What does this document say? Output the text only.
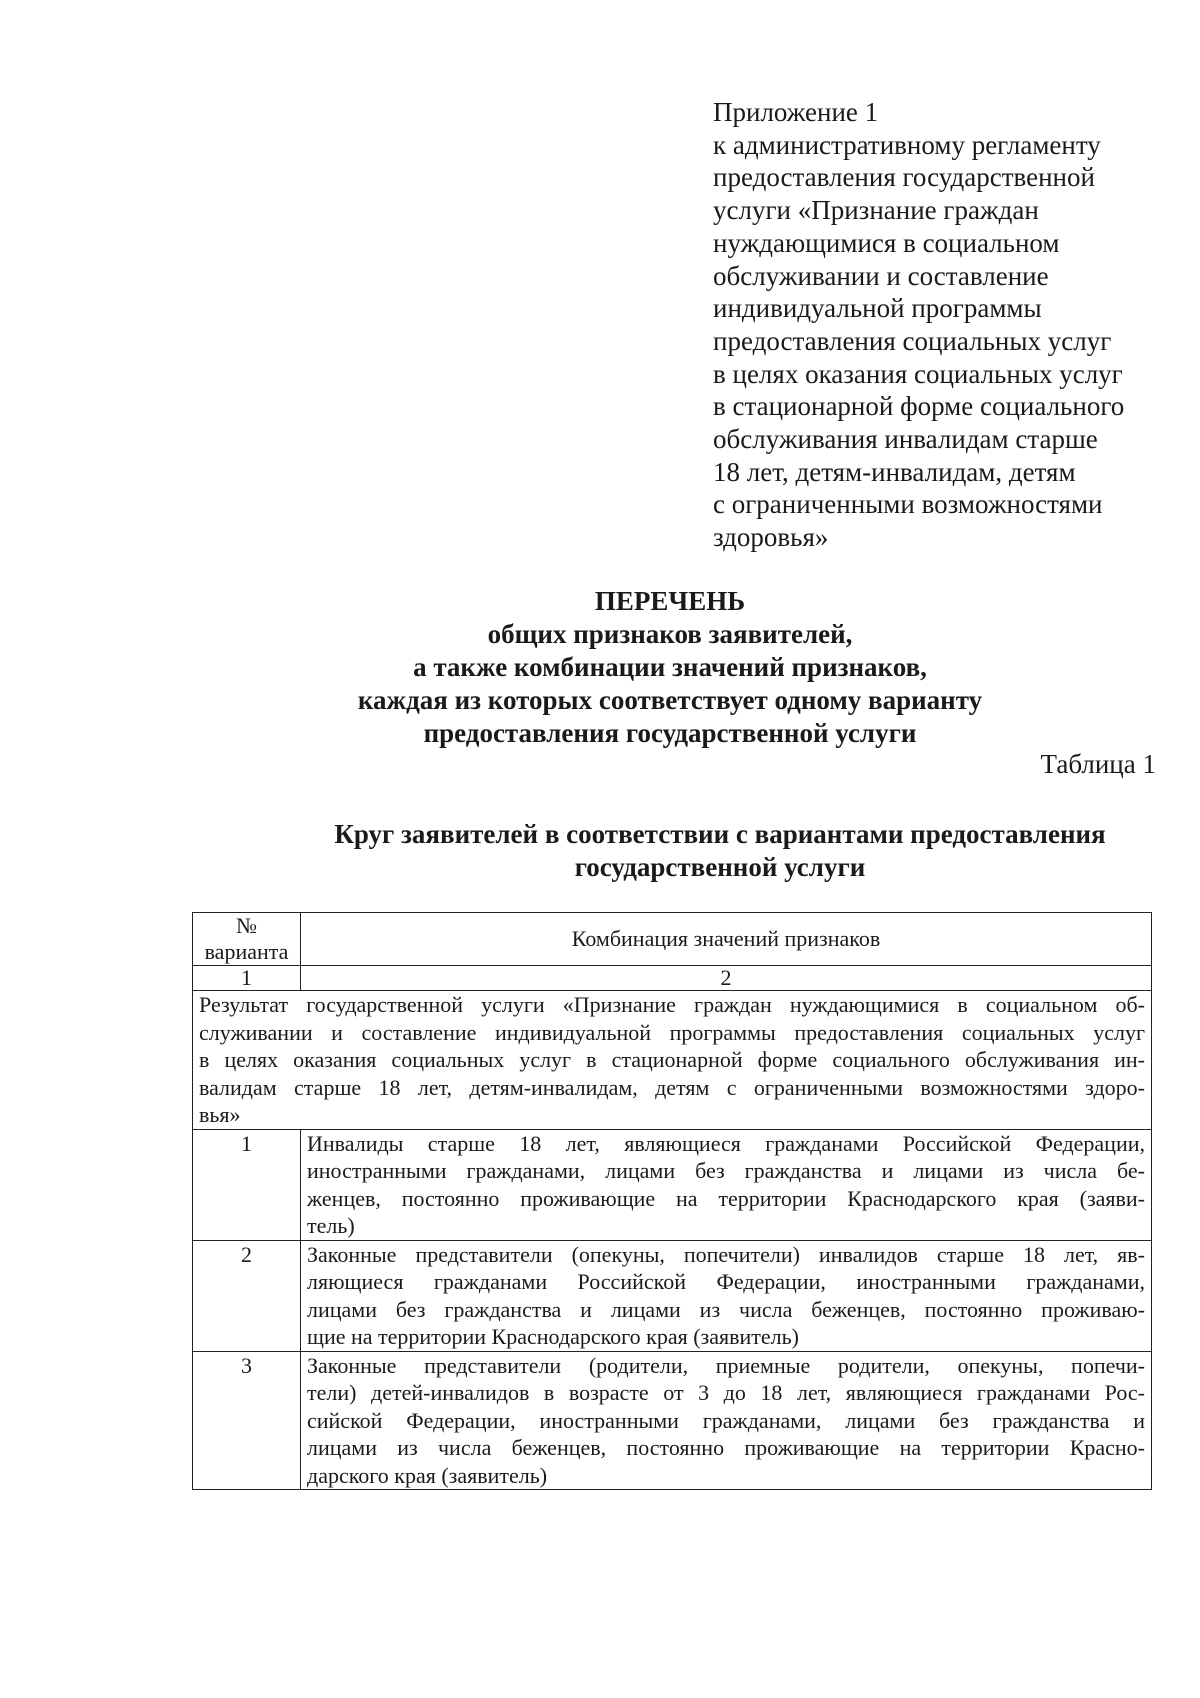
Приложение 1
к административному регламенту
предоставления государственной
услуги «Признание граждан
нуждающимися в социальном
обслуживании и составление
индивидуальной программы
предоставления социальных услуг
в целях оказания социальных услуг
в стационарной форме социального
обслуживания инвалидам старше
18 лет, детям-инвалидам, детям
с ограниченными возможностями
здоровья»
ПЕРЕЧЕНЬ
общих признаков заявителей,
а также комбинации значений признаков,
каждая из которых соответствует одному варианту
предоставления государственной услуги
Таблица 1
Круг заявителей в соответствии с вариантами предоставления
государственной услуги
№
варианта	Комбинация значений признаков
1	2

Результат государственной услуги «Признание граждан нуждающимися в социальном об-
служивании и составление индивидуальной программы предоставления социальных услуг
в целях оказания социальных услуг в стационарной форме социального обслуживания ин-
валидам старше 18 лет, детям-инвалидам, детям с ограниченными возможностями здоро-
вья»	

1	Инвалиды старше 18 лет, являющиеся гражданами Российской Федерации,
иностранными гражданами, лицами без гражданства и лицами из числа бе-
женцев, постоянно проживающие на территории Краснодарского края (заяви-
тель)

2	Законные представители (опекуны, попечители) инвалидов старше 18 лет, яв-
ляющиеся гражданами Российской Федерации, иностранными гражданами,
лицами без гражданства и лицами из числа беженцев, постоянно проживаю-
щие на территории Краснодарского края (заявитель)

3	Законные представители (родители, приемные родители, опекуны, попечи-
тели) детей-инвалидов в возрасте от 3 до 18 лет, являющиеся гражданами Рос-
сийской Федерации, иностранными гражданами, лицами без гражданства и
лицами из числа беженцев, постоянно проживающие на территории Красно-
дарского края (заявитель)
